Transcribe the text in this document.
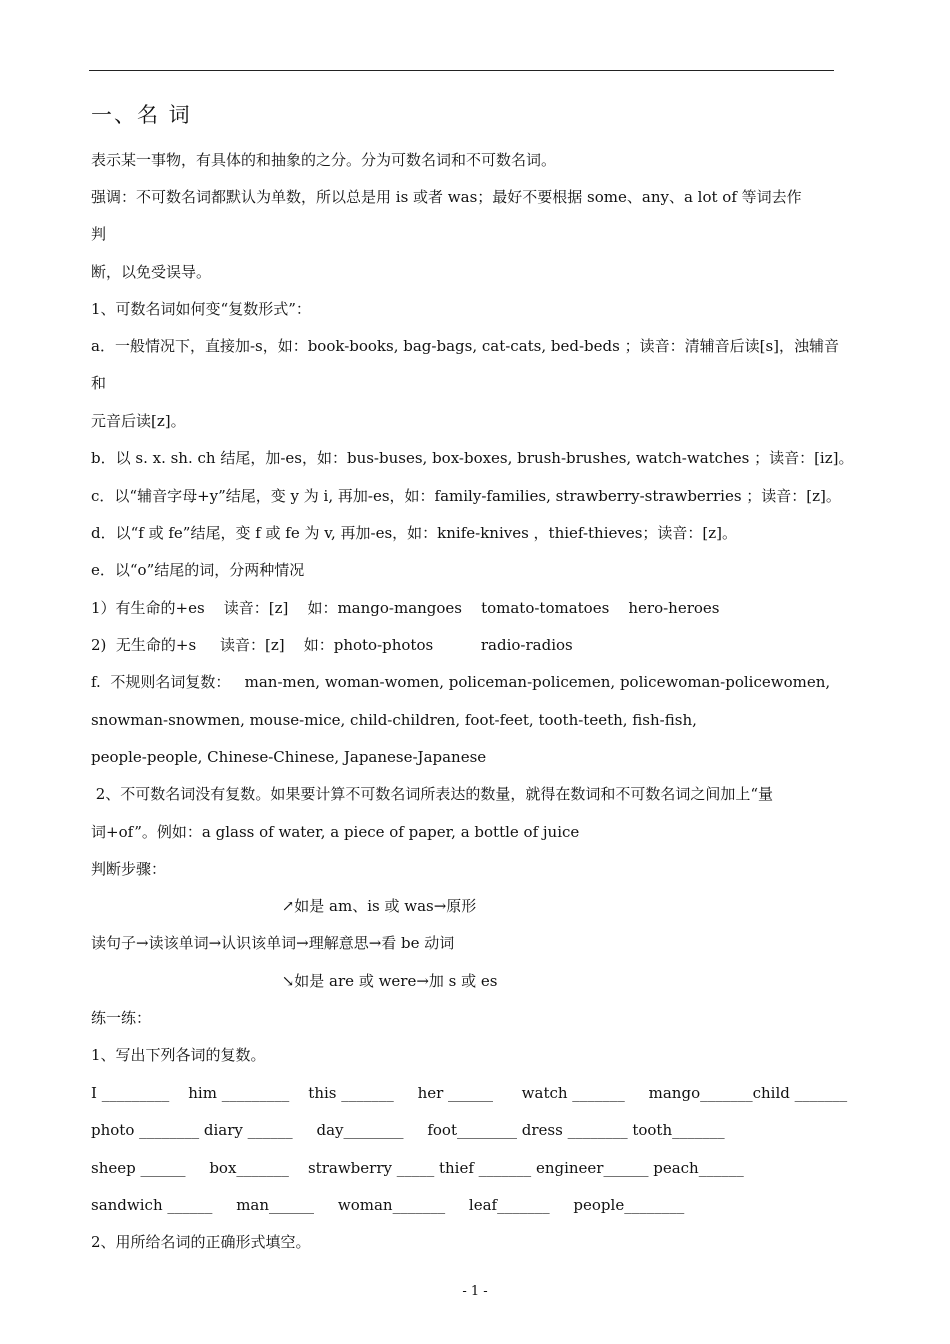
一、名 词
表示某一事物，有具体的和抽象的之分。分为可数名词和不可数名词。
强调：不可数名词都默认为单数，所以总是用 is 或者 was；最好不要根据 some、any、a lot of 等词去作
判
断，以免受误导。
1、可数名词如何变“复数形式”：
a．一般情况下，直接加-s，如：book-books, bag-bags, cat-cats, bed-beds ；读音：清辅音后读[s]，浊辅音
和
元音后读[z]。
b．以 s. x. sh. ch 结尾，加-es，如：bus-buses, box-boxes, brush-brushes, watch-watches ；读音：[iz]。
c．以“辅音字母+y”结尾，变 y 为 i, 再加-es，如：family-families, strawberry-strawberries ；读音：[z]。
d．以“f 或 fe”结尾，变 f 或 fe 为 v, 再加-es，如：knife-knives ，thief-thieves；读音：[z]。
e．以“o”结尾的词，分两种情况
1）有生命的+es    读音：[z]    如：mango-mangoes    tomato-tomatoes    hero-heroes
2)  无生命的+s     读音：[z]    如：photo-photos          radio-radios
f.  不规则名词复数：   man-men, woman-women, policeman-policemen, policewoman-policewomen,
snowman-snowmen, mouse-mice, child-children, foot-feet, tooth-teeth, fish-fish,
people-people, Chinese-Chinese, Japanese-Japanese
2、不可数名词没有复数。如果要计算不可数名词所表达的数量，就得在数词和不可数名词之间加上“量
词+of”。例如：a glass of water, a piece of paper, a bottle of juice
判断步骤：
↗如是 am、is 或 was→原形
读句子→读该单词→认识该单词→理解意思→看 be 动词
↘如是 are 或 were→加 s 或 es
练一练：
1、写出下列各词的复数。
I _________    him _________    this _______     her ______      watch _______     mango_______child _______
photo ________ diary ______     day________     foot________ dress ________ tooth_______
sheep ______     box_______    strawberry _____ thief _______ engineer______ peach______
sandwich ______     man______     woman_______     leaf_______     people________
2、用所给名词的正确形式填空。
- 1 -
